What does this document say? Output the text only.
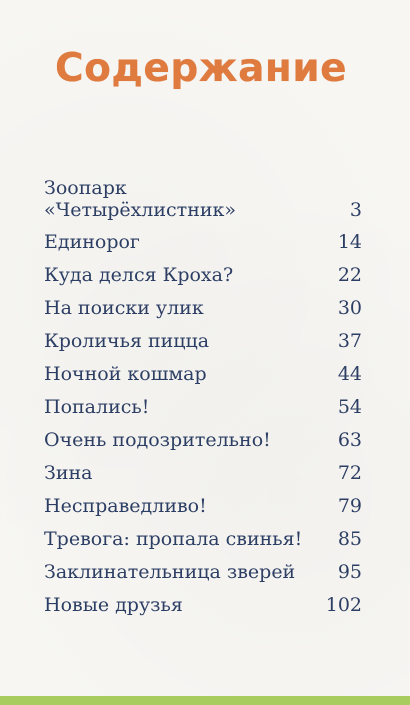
Содержание
Зоопарк
«Четырёхлистник»	3
Единорог	14
Куда делся Кроха?	22
На поиски улик	30
Кроличья пицца	37
Ночной кошмар	44
Попались!	54
Очень подозрительно!	63
Зина	72
Несправедливо!	79
Тревога: пропала свинья! 85
Заклинательница зверей 95
Новые друзья	102
